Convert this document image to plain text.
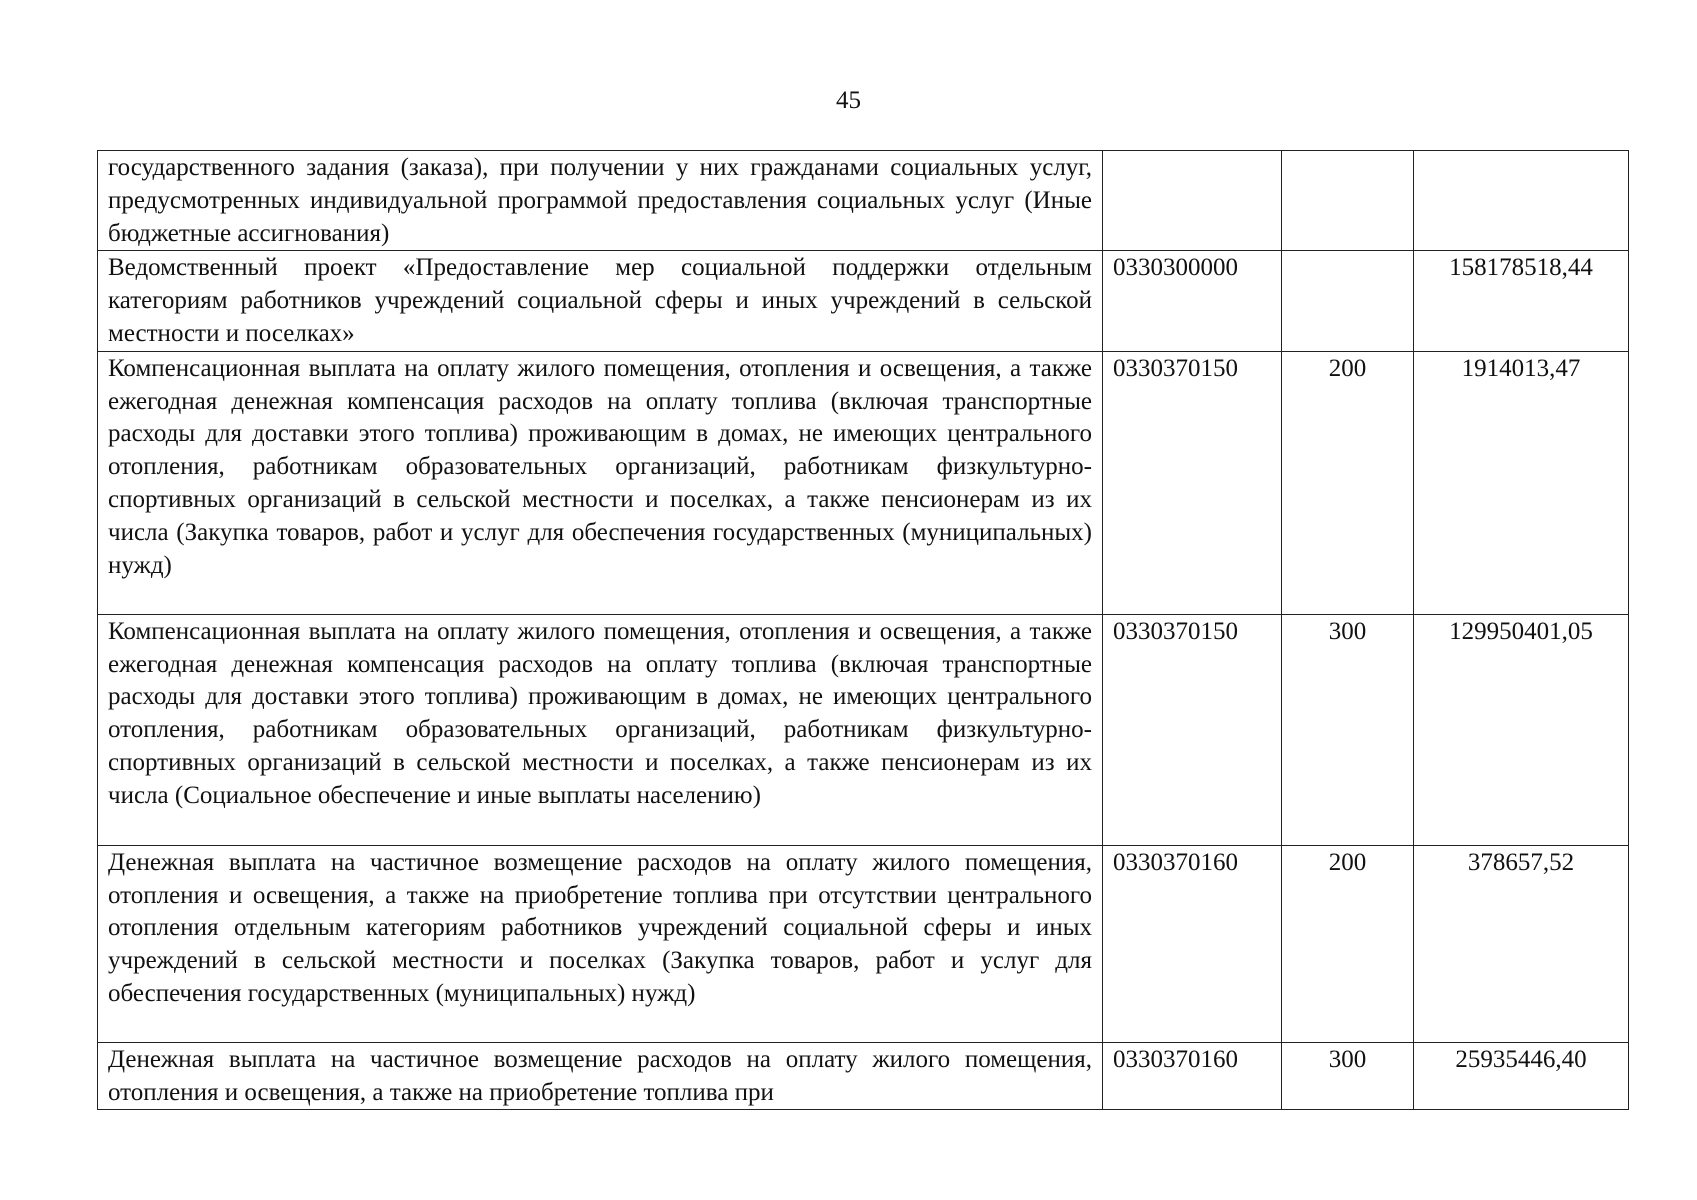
45
государственного задания (заказа), при получении у них гражданами социальных услуг, предусмотренных индивидуальной программой предоставления социальных услуг (Иные бюджетные ассигнования)			
Ведомственный проект «Предоставление мер социальной поддержки отдельным категориям работников учреждений социальной сферы и иных учреждений в сельской местности и поселках»	0330300000		158178518,44
Компенсационная выплата на оплату жилого помещения, отопления и освещения, а также ежегодная денежная компенсация расходов на оплату топлива (включая транспортные расходы для доставки этого топлива) проживающим в домах, не имеющих центрального отопления, работникам образовательных организаций, работникам физкультурно-спортивных организаций в сельской местности и поселках, а также пенсионерам из их числа (Закупка товаров, работ и услуг для обеспечения государственных (муниципальных) нужд)	0330370150	200	1914013,47
Компенсационная выплата на оплату жилого помещения, отопления и освещения, а также ежегодная денежная компенсация расходов на оплату топлива (включая транспортные расходы для доставки этого топлива) проживающим в домах, не имеющих центрального отопления, работникам образовательных организаций, работникам физкультурно-спортивных организаций в сельской местности и поселках, а также пенсионерам из их числа (Социальное обеспечение и иные выплаты населению)	0330370150	300	129950401,05
Денежная выплата на частичное возмещение расходов на оплату жилого помещения, отопления и освещения, а также на приобретение топлива при отсутствии центрального отопления отдельным категориям работников учреждений социальной сферы и иных учреждений в сельской местности и поселках (Закупка товаров, работ и услуг для обеспечения государственных (муниципальных) нужд)	0330370160	200	378657,52
Денежная выплата на частичное возмещение расходов на оплату жилого помещения, отопления и освещения, а также на приобретение топлива при	0330370160	300	25935446,40
